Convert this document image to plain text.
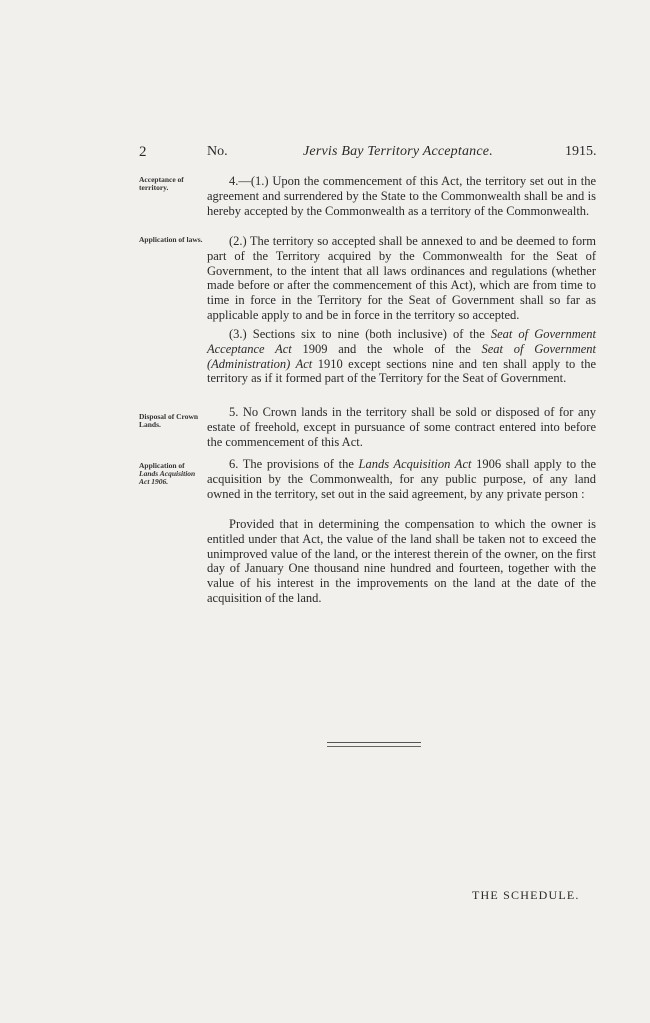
2	No.	Jervis Bay Territory Acceptance.	1915.
Acceptance of territory.	4.—(1.) Upon the commencement of this Act, the territory set out in the agreement and surrendered by the State to the Commonwealth shall be and is hereby accepted by the Commonwealth as a territory of the Commonwealth.
Application of laws.	(2.) The territory so accepted shall be annexed to and be deemed to form part of the Territory acquired by the Commonwealth for the Seat of Government, to the intent that all laws ordinances and regulations (whether made before or after the commencement of this Act), which are from time to time in force in the Territory for the Seat of Government shall so far as applicable apply to and be in force in the territory so accepted.
(3.) Sections six to nine (both inclusive) of the Seat of Government Acceptance Act 1909 and the whole of the Seat of Government (Administration) Act 1910 except sections nine and ten shall apply to the territory as if it formed part of the Territory for the Seat of Government.
Disposal of Crown Lands.
5. No Crown lands in the territory shall be sold or disposed of for any estate of freehold, except in pursuance of some contract entered into before the commencement of this Act.
Application of
Lands Acquisition Act 1906.
6. The provisions of the Lands Acquisition Act 1906 shall apply to the acquisition by the Commonwealth, for any public purpose, of any land owned in the territory, set out in the said agreement, by any private person :
Provided that in determining the compensation to which the owner is entitled under that Act, the value of the land shall be taken not to exceed the unimproved value of the land, or the interest therein of the owner, on the first day of January One thousand nine hundred and fourteen, together with the value of his interest in the improvements on the land at the date of the acquisition of the land.
THE SCHEDULE.
